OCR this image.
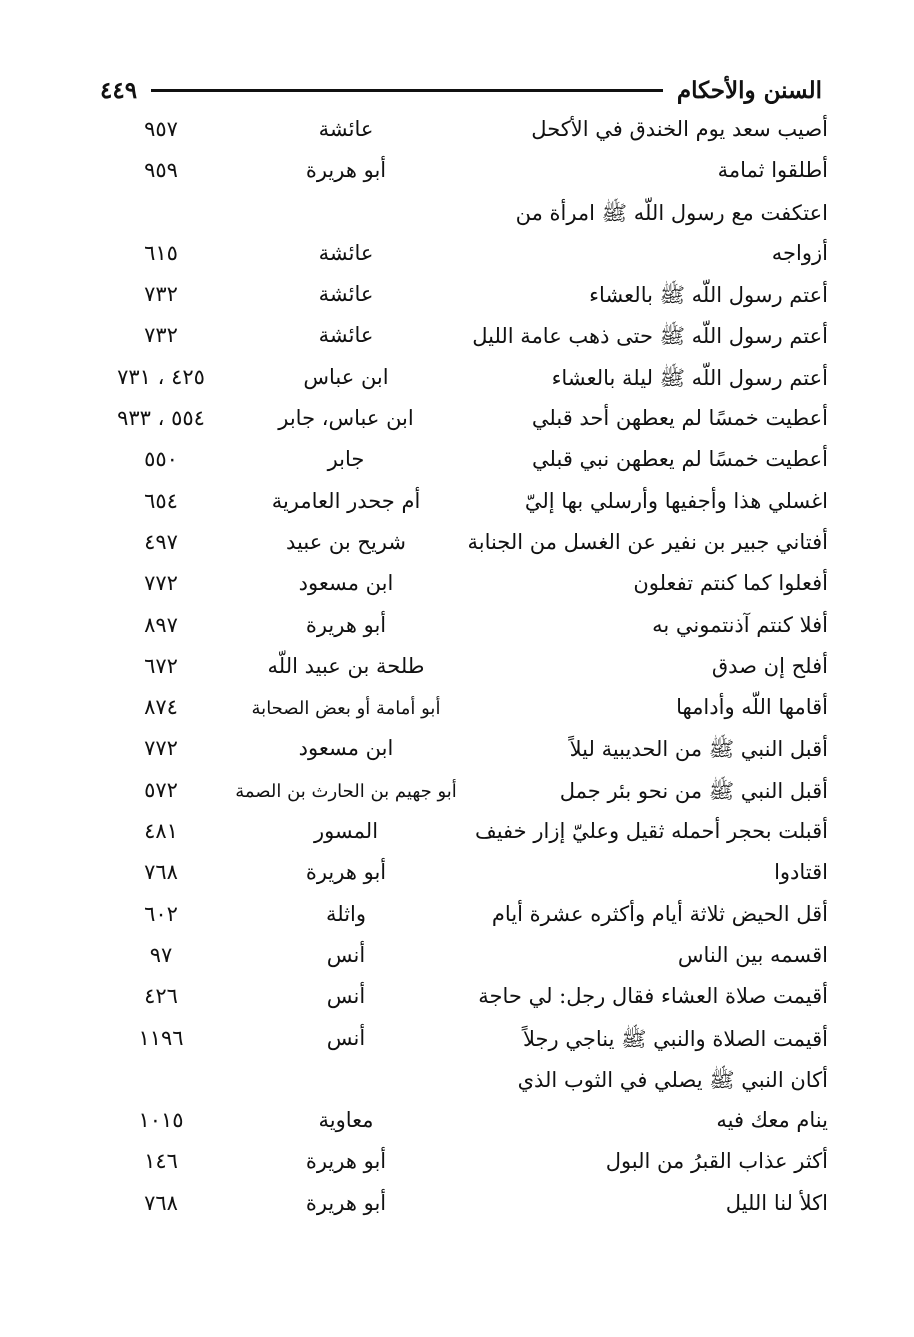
السنن والأحكام
٤٤٩
أصيب سعد يوم الخندق في الأكحل
عائشة
٩٥٧
أطلقوا ثمامة
أبو هريرة
٩٥٩
اعتكفت مع رسول اللّه ﷺ امرأة من
أزواجه
عائشة
٦١٥
أعتم رسول اللّه ﷺ بالعشاء
عائشة
٧٣٢
أعتم رسول اللّه ﷺ حتى ذهب عامة الليل
عائشة
٧٣٢
أعتم رسول اللّه ﷺ ليلة بالعشاء
ابن عباس
٤٢٥ ، ٧٣١
أعطيت خمسًا لم يعطهن أحد قبلي
ابن عباس، جابر
٥٥٤ ، ٩٣٣
أعطيت خمسًا لم يعطهن نبي قبلي
جابر
٥٥٠
اغسلي هذا وأجفيها وأرسلي بها إليّ
أم جحدر العامرية
٦٥٤
أفتاني جبير بن نفير عن الغسل من الجنابة
شريح بن عبيد
٤٩٧
أفعلوا كما كنتم تفعلون
ابن مسعود
٧٧٢
أفلا كنتم آذنتموني به
أبو هريرة
٨٩٧
أفلح إن صدق
طلحة بن عبيد اللّه
٦٧٢
أقامها اللّه وأدامها
أبو أمامة أو بعض الصحابة
٨٧٤
أقبل النبي ﷺ من الحديبية ليلاً
ابن مسعود
٧٧٢
أقبل النبي ﷺ من نحو بئر جمل
أبو جهيم بن الحارث بن الصمة
٥٧٢
أقبلت بحجر أحمله ثقيل وعليّ إزار خفيف
المسور
٤٨١
اقتادوا
أبو هريرة
٧٦٨
أقل الحيض ثلاثة أيام وأكثره عشرة أيام
واثلة
٦٠٢
اقسمه بين الناس
أنس
٩٧
أقيمت صلاة العشاء فقال رجل: لي حاجة
أنس
٤٢٦
أقيمت الصلاة والنبي ﷺ يناجي رجلاً
أنس
١١٩٦
أكان النبي ﷺ يصلي في الثوب الذي
ينام معك فيه
معاوية
١٠١٥
أكثر عذاب القبرُ من البول
أبو هريرة
١٤٦
اكلأ لنا الليل
أبو هريرة
٧٦٨
